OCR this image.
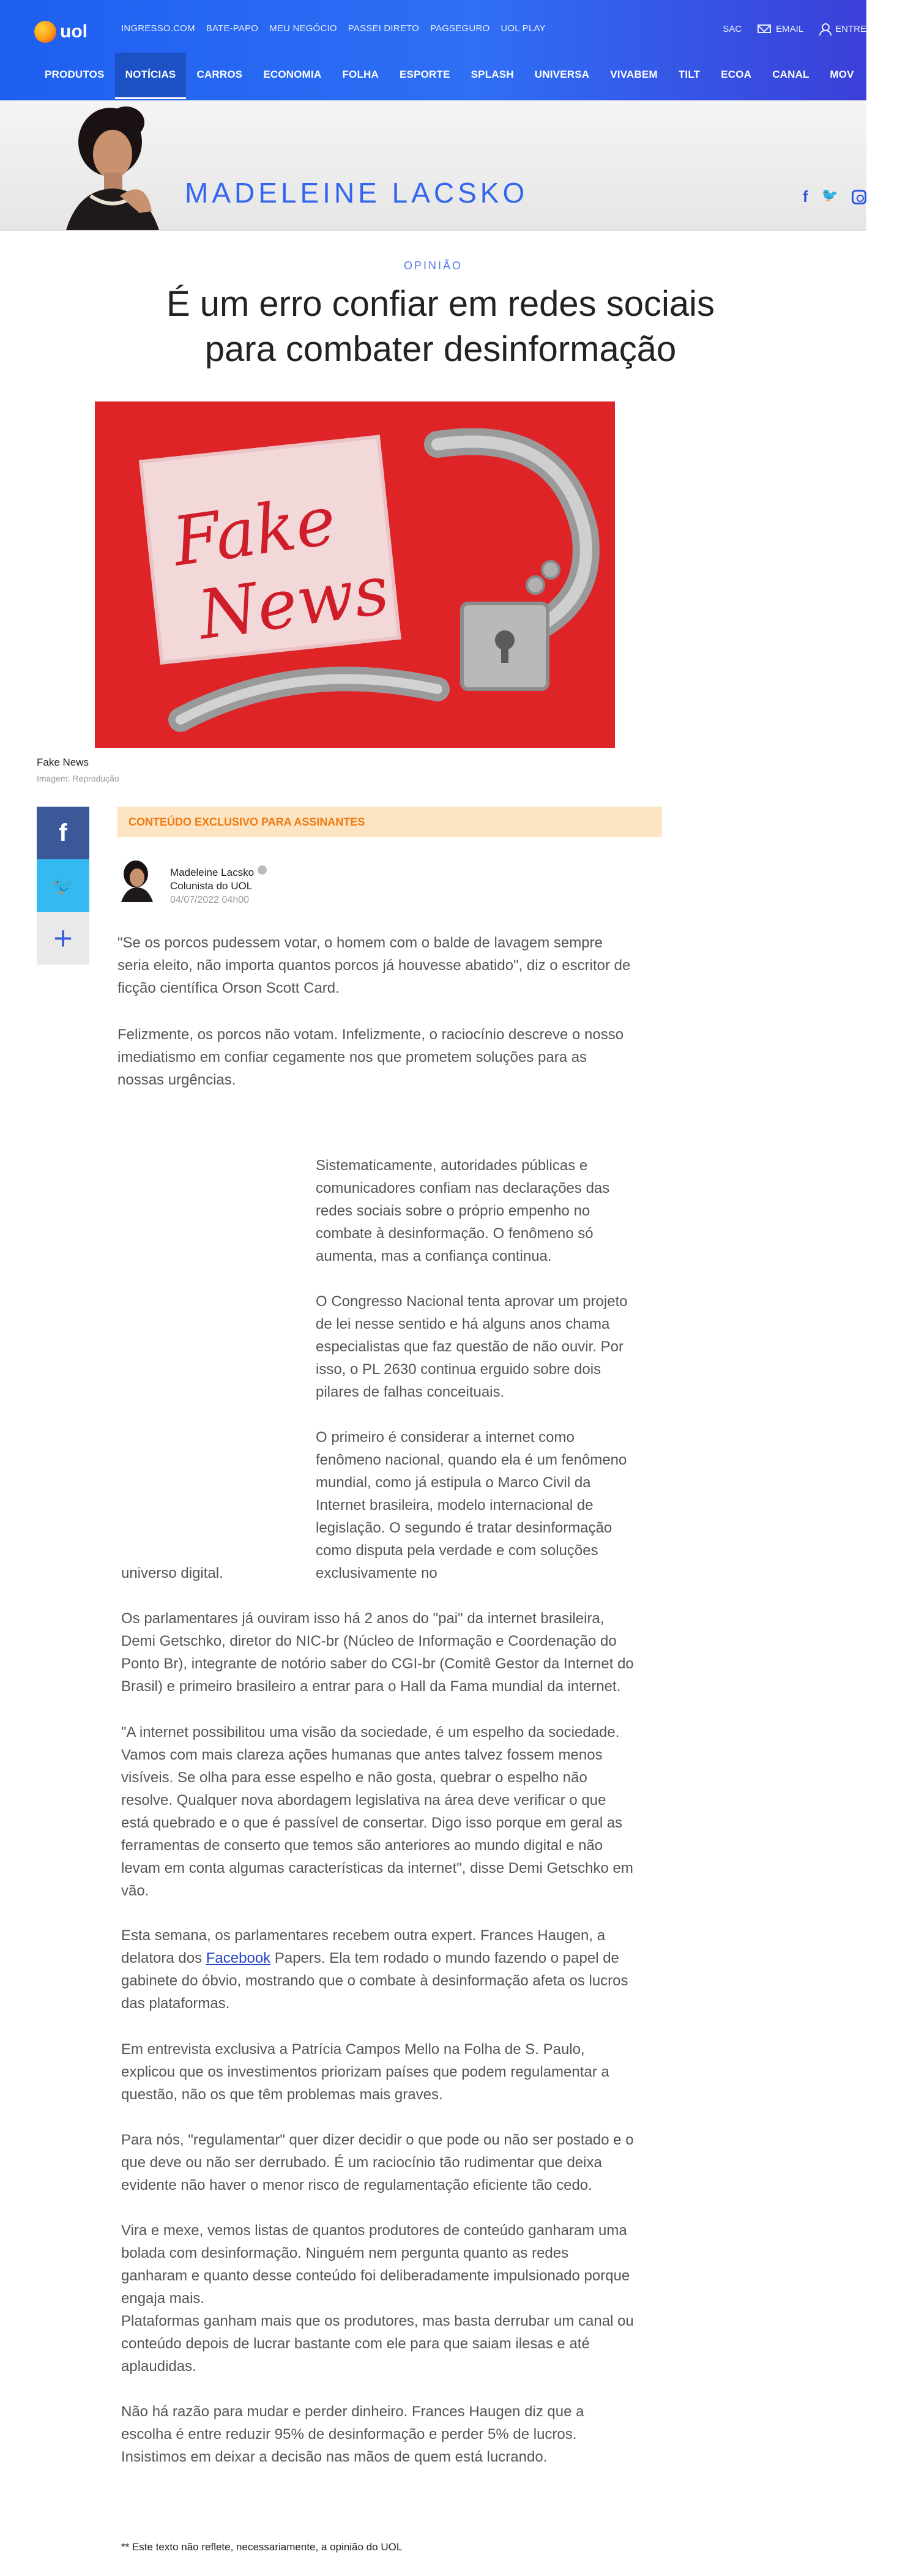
uol	INGRESSO.COM BATE-PAPO MEU NEGÓCIO PASSEI DIRETO PAGSEGURO UOL PLAY	SAC	EMAIL	ENTRE
PRODUTOS	NOTÍCIAS	CARROS	ECONOMIA	FOLHA	ESPORTE	SPLASH	UNIVERSA	VIVABEM	TILT	ECOA	CANAL	MOV	NOS
MADELEINE LACSKO	f 🐦
OPINIÃO
É um erro confiar em redes sociais para combater desinformação
Fake
News
Fake News
Imagem: Reprodução
f
🐦
+
CONTEÚDO EXCLUSIVO PARA ASSINANTES
Madeleine Lacsko
Colunista do UOL
04/07/2022 04h00

"Se os porcos pudessem votar, o homem com o balde de lavagem sempre seria eleito, não importa quantos porcos já houvesse abatido", diz o escritor de ficção científica Orson Scott Card.

Felizmente, os porcos não votam. Infelizmente, o raciocínio descreve o nosso imediatismo em confiar cegamente nos que prometem soluções para as nossas urgências.

Sistematicamente, autoridades públicas e comunicadores confiam nas declarações das redes sociais sobre o próprio empenho no combate à desinformação. O fenômeno só aumenta, mas a confiança continua.

O Congresso Nacional tenta aprovar um projeto de lei nesse sentido e há alguns anos chama especialistas que faz questão de não ouvir. Por isso, o PL 2630 continua erguido sobre dois pilares de falhas conceituais.

O primeiro é considerar a internet como fenômeno nacional, quando ela é um fenômeno mundial, como já estipula o Marco Civil da Internet brasileira, modelo internacional de legislação. O segundo é tratar desinformação como disputa pela verdade e com soluções exclusivamente no

universo digital.

Os parlamentares já ouviram isso há 2 anos do "pai" da internet brasileira, Demi Getschko, diretor do NIC-br (Núcleo de Informação e Coordenação do Ponto Br), integrante de notório saber do CGI-br (Comitê Gestor da Internet do Brasil) e primeiro brasileiro a entrar para o Hall da Fama mundial da internet.

"A internet possibilitou uma visão da sociedade, é um espelho da sociedade. Vamos com mais clareza ações humanas que antes talvez fossem menos visíveis. Se olha para esse espelho e não gosta, quebrar o espelho não resolve. Qualquer nova abordagem legislativa na área deve verificar o que está quebrado e o que é passível de consertar. Digo isso porque em geral as ferramentas de conserto que temos são anteriores ao mundo digital e não levam em conta algumas características da internet", disse Demi Getschko em vão.

Esta semana, os parlamentares recebem outra expert. Frances Haugen, a delatora dos Facebook Papers. Ela tem rodado o mundo fazendo o papel de gabinete do óbvio, mostrando que o combate à desinformação afeta os lucros das plataformas.

Em entrevista exclusiva a Patrícia Campos Mello na Folha de S. Paulo, explicou que os investimentos priorizam países que podem regulamentar a questão, não os que têm problemas mais graves.

Para nós, "regulamentar" quer dizer decidir o que pode ou não ser postado e o que deve ou não ser derrubado. É um raciocínio tão rudimentar que deixa evidente não haver o menor risco de regulamentação eficiente tão cedo.

Vira e mexe, vemos listas de quantos produtores de conteúdo ganharam uma bolada com desinformação. Ninguém nem pergunta quanto as redes ganharam e quanto desse conteúdo foi deliberadamente impulsionado porque engaja mais.

Plataformas ganham mais que os produtores, mas basta derrubar um canal ou conteúdo depois de lucrar bastante com ele para que saiam ilesas e até aplaudidas.

Não há razão para mudar e perder dinheiro. Frances Haugen diz que a escolha é entre reduzir 95% de desinformação e perder 5% de lucros. Insistimos em deixar a decisão nas mãos de quem está lucrando.

** Este texto não reflete, necessariamente, a opinião do UOL
